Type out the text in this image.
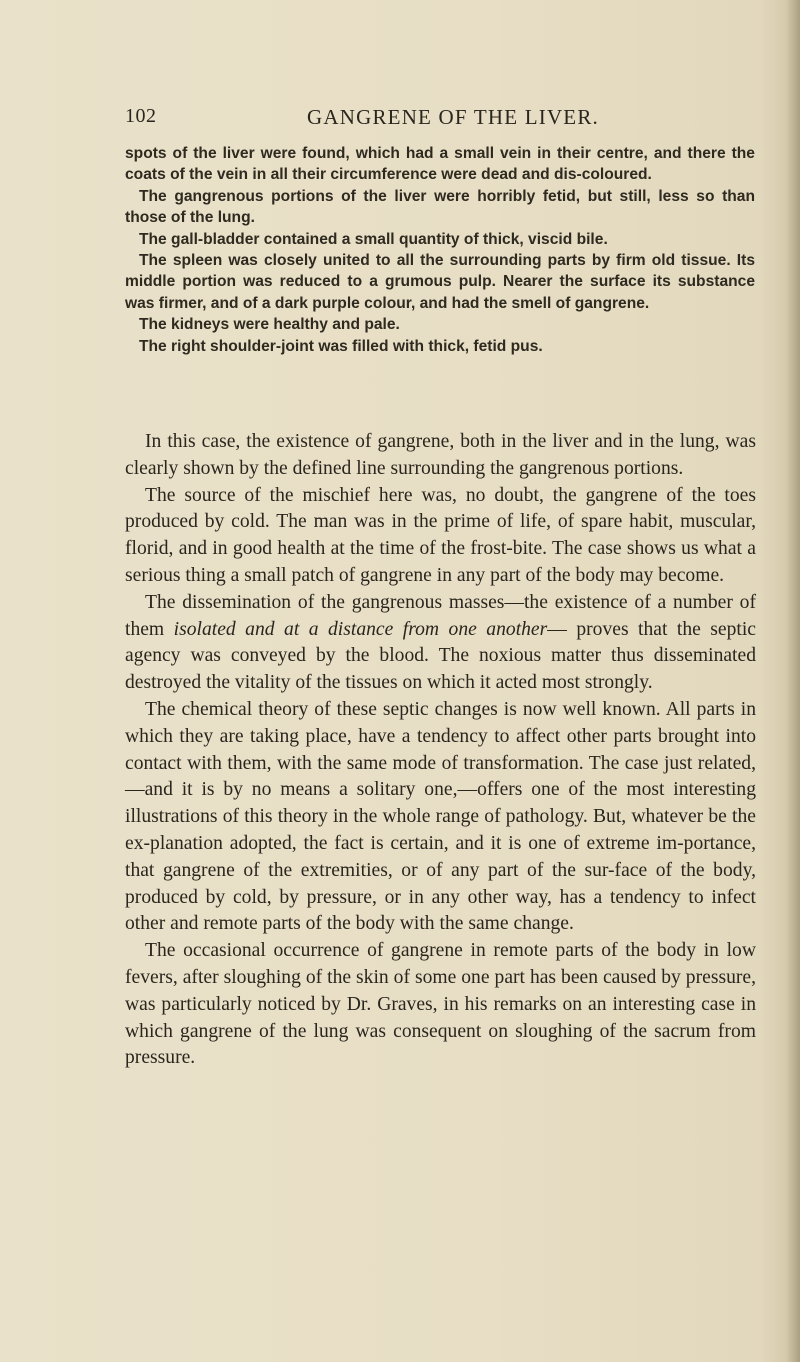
102	GANGRENE OF THE LIVER.

spots of the liver were found, which had a small vein in their centre, and there the coats of the vein in all their circumference were dead and dis-coloured.

The gangrenous portions of the liver were horribly fetid, but still, less so than those of the lung.

The gall-bladder contained a small quantity of thick, viscid bile.

The spleen was closely united to all the surrounding parts by firm old tissue. Its middle portion was reduced to a grumous pulp. Nearer the surface its substance was firmer, and of a dark purple colour, and had the smell of gangrene.

The kidneys were healthy and pale.

The right shoulder-joint was filled with thick, fetid pus.

In this case, the existence of gangrene, both in the liver and in the lung, was clearly shown by the defined line surrounding the gangrenous portions.

The source of the mischief here was, no doubt, the gangrene of the toes produced by cold. The man was in the prime of life, of spare habit, muscular, florid, and in good health at the time of the frost-bite. The case shows us what a serious thing a small patch of gangrene in any part of the body may become.

The dissemination of the gangrenous masses—the existence of a number of them isolated and at a distance from one another— proves that the septic agency was conveyed by the blood. The noxious matter thus disseminated destroyed the vitality of the tissues on which it acted most strongly.

The chemical theory of these septic changes is now well known. All parts in which they are taking place, have a tendency to affect other parts brought into contact with them, with the same mode of transformation. The case just related,—and it is by no means a solitary one,—offers one of the most interesting illustrations of this theory in the whole range of pathology. But, whatever be the ex-planation adopted, the fact is certain, and it is one of extreme im-portance, that gangrene of the extremities, or of any part of the sur-face of the body, produced by cold, by pressure, or in any other way, has a tendency to infect other and remote parts of the body with the same change.

The occasional occurrence of gangrene in remote parts of the body in low fevers, after sloughing of the skin of some one part has been caused by pressure, was particularly noticed by Dr. Graves, in his remarks on an interesting case in which gangrene of the lung was consequent on sloughing of the sacrum from pressure.
